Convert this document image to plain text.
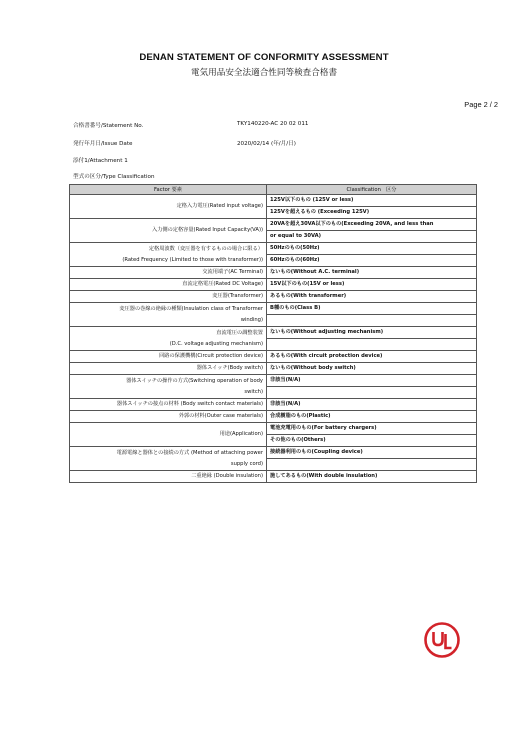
DENAN STATEMENT OF CONFORMITY ASSESSMENT
電気用品安全法適合性同等検査合格書
Page 2 / 2
合格書番号/Statement No.	TKY140220-AC 20 02 011
発行年月日/Issue Date	2020/02/14 (年/月/日)
添付1/Attachment 1
型式の区分/Type Classification
Factor 要素	Classification　区分

定格入力電圧(Rated input voltage)	125V以下のもの (125V or less)
	125Vを超えるもの (Exceeding 125V)

入力側の定格容量(Rated Input Capacity(VA))	20VAを超え30VA以下のもの(Exceeding 20VA, and less than
	or equal to 30VA)

定格周波数（変圧器を有するものの場合に限る）
(Rated Frequency (Limited to those with transformer))	50Hzのもの(50Hz)
	60Hzのもの(60Hz)

交流用端子(AC Terminal)	ないもの(Without A.C. terminal)

直流定格電圧(Rated DC Voltage)	15V以下のもの(15V or less)

変圧器(Transformer)	あるもの(With transformer)

変圧器の巻線の絶縁の種類(Insulation class of Transformer
winding)	B種のもの(Class B)

直流電圧の調整装置
(D.C. voltage adjusting mechanism)	ないもの(Without adjusting mechanism)

回路の保護機構(Circuit protection device)	あるもの(With circuit protection device)

器体スイッチ(Body switch)	ないもの(Without body switch)

器体スイッチの操作の方式(Switching operation of body
switch)	非該当(N/A)

器体スイッチの接点の材料 (Body switch contact materials)	非該当(N/A)

外郭の材料(Outer case materials)	合成樹脂のもの(Plastic)

用途(Application)	電池充電用のもの(For battery chargers)
	その他のもの(Others)

電源電線と器体との接続の方式 (Method of attaching power
supply cord)	接続器利用のもの(Coupling device)

二重絶縁 (Double insulation)	施してあるもの(With double insulation)
